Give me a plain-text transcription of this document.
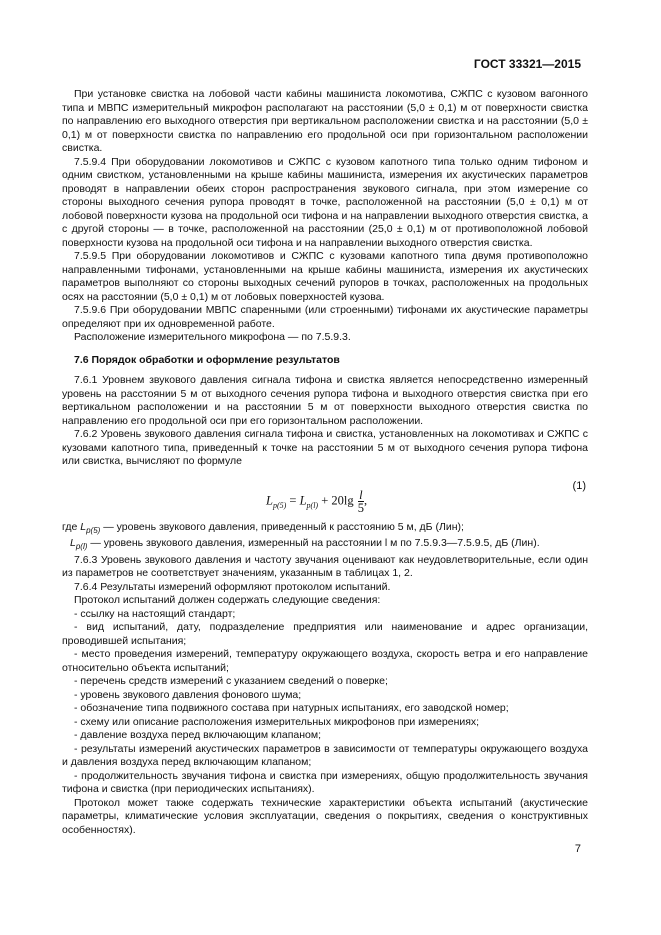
ГОСТ 33321—2015

При установке свистка на лобовой части кабины машиниста локомотива, СЖПС с кузовом вагонного типа и МВПС измерительный микрофон располагают на расстоянии (5,0 ± 0,1) м от поверхности свистка по направлению его выходного отверстия при вертикальном расположении свистка и на расстоянии (5,0 ± 0,1) м от поверхности свистка по направлению его продольной оси при горизонтальном расположении свистка.

7.5.9.4 При оборудовании локомотивов и СЖПС с кузовом капотного типа только одним тифоном и одним свистком, установленными на крыше кабины машиниста, измерения их акустических параметров проводят в направлении обеих сторон распространения звукового сигнала, при этом измерение со стороны выходного сечения рупора проводят в точке, расположенной на расстоянии (5,0 ± 0,1) м от лобовой поверхности кузова на продольной оси тифона и на направлении выходного отверстия свистка, а с другой стороны — в точке, расположенной на расстоянии (25,0 ± 0,1) м от противоположной лобовой поверхности кузова на продольной оси тифона и на направлении выходного отверстия свистка.

7.5.9.5 При оборудовании локомотивов и СЖПС с кузовами капотного типа двумя противоположно направленными тифонами, установленными на крыше кабины машиниста, измерения их акустических параметров выполняют со стороны выходных сечений рупоров в точках, расположенных на продольных осях на расстоянии (5,0 ± 0,1) м от лобовых поверхностей кузова.

7.5.9.6 При оборудовании МВПС спаренными (или строенными) тифонами их акустические параметры определяют при их одновременной работе.

Расположение измерительного микрофона — по 7.5.9.3.

7.6 Порядок обработки и оформление результатов

7.6.1 Уровнем звукового давления сигнала тифона и свистка является непосредственно измеренный уровень на расстоянии 5 м от выходного сечения рупора тифона и выходного отверстия свистка при его вертикальном расположении и на расстоянии 5 м от поверхности выходного отверстия свистка по направлению его продольной оси при его горизонтальном расположении.

7.6.2 Уровень звукового давления сигнала тифона и свистка, установленных на локомотивах и СЖПС с кузовами капотного типа, приведенный к точке на расстоянии 5 м от выходного сечения рупора тифона или свистка, вычисляют по формуле

$L_{p(5)} = L_{p(l)} + 20\lg \frac{l}{5}$ ,
(1)

где $L_{p(5)}$ — уровень звукового давления, приведенный к расстоянию 5 м, дБ (Лин);

$L_{p(l)}$ — уровень звукового давления, измеренный на расстоянии l м по 7.5.9.3—7.5.9.5, дБ (Лин).

7.6.3 Уровень звукового давления и частоту звучания оценивают как неудовлетворительные, если один из параметров не соответствует значениям, указанным в таблицах 1, 2.

7.6.4 Результаты измерений оформляют протоколом испытаний.

Протокол испытаний должен содержать следующие сведения:

- ссылку на настоящий стандарт;

- вид испытаний, дату, подразделение предприятия или наименование и адрес организации, проводившей испытания;

- место проведения измерений, температуру окружающего воздуха, скорость ветра и его направление относительно объекта испытаний;

- перечень средств измерений с указанием сведений о поверке;

- уровень звукового давления фонового шума;

- обозначение типа подвижного состава при натурных испытаниях, его заводской номер;

- схему или описание расположения измерительных микрофонов при измерениях;

- давление воздуха перед включающим клапаном;

- результаты измерений акустических параметров в зависимости от температуры окружающего воздуха и давления воздуха перед включающим клапаном;

- продолжительность звучания тифона и свистка при измерениях, общую продолжительность звучания тифона и свистка (при периодических испытаниях).

Протокол может также содержать технические характеристики объекта испытаний (акустические параметры, климатические условия эксплуатации, сведения о покрытиях, сведения о конструктивных особенностях).

7
